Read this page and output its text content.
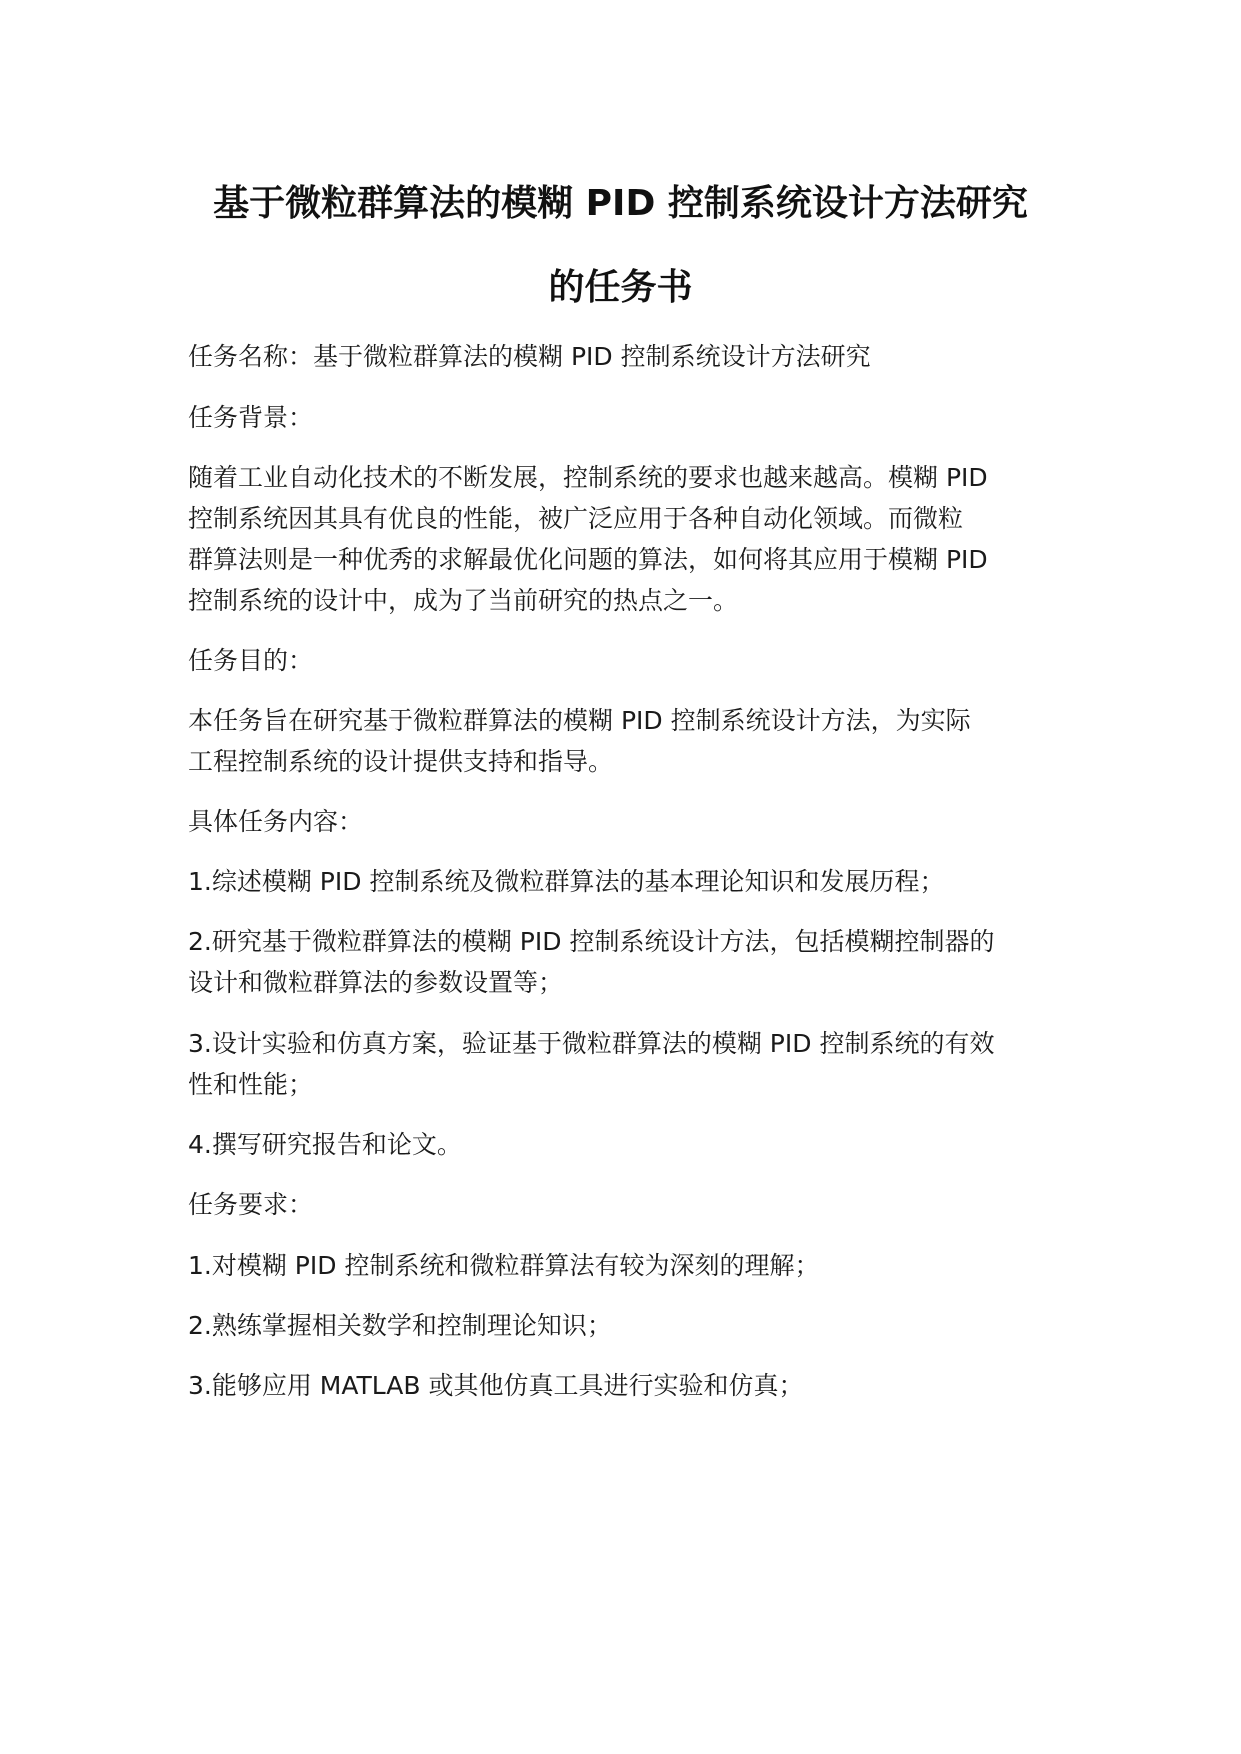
基于微粒群算法的模糊 PID 控制系统设计方法研究
的任务书

任务名称：基于微粒群算法的模糊 PID 控制系统设计方法研究

任务背景：

随着工业自动化技术的不断发展，控制系统的要求也越来越高。模糊 PID

控制系统因其具有优良的性能，被广泛应用于各种自动化领域。而微粒

群算法则是一种优秀的求解最优化问题的算法，如何将其应用于模糊 PID

控制系统的设计中，成为了当前研究的热点之一。

任务目的：

本任务旨在研究基于微粒群算法的模糊 PID 控制系统设计方法，为实际

工程控制系统的设计提供支持和指导。

具体任务内容：

1.综述模糊 PID 控制系统及微粒群算法的基本理论知识和发展历程；

2.研究基于微粒群算法的模糊 PID 控制系统设计方法，包括模糊控制器的

设计和微粒群算法的参数设置等；

3.设计实验和仿真方案，验证基于微粒群算法的模糊 PID 控制系统的有效

性和性能；

4.撰写研究报告和论文。

任务要求：

1.对模糊 PID 控制系统和微粒群算法有较为深刻的理解；

2.熟练掌握相关数学和控制理论知识；

3.能够应用 MATLAB 或其他仿真工具进行实验和仿真；
